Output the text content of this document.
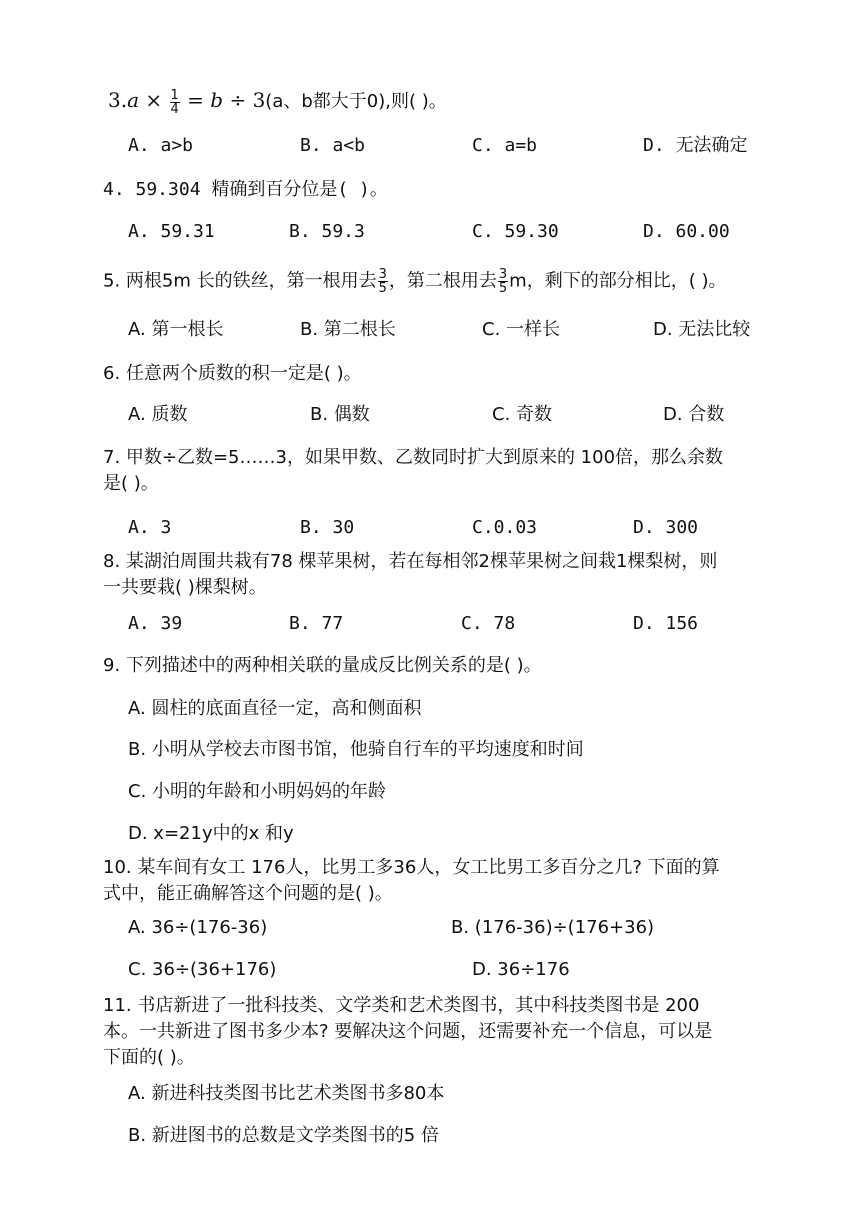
$3.a \times \frac{1}{4} = b \div 3(a$、b都大于0),则( )。
A. a>b	B. a<b	C. a=b	D. 无法确定
4. 59.304 精确到百分位是( )。
A. 59.31	B. 59.3	C. 59.30	D. 60.00
5. 两根5m 长的铁丝，第一根用去 $\frac{3}{5}$ ，第二根用去 $\frac{3}{5}$ m，剩下的部分相比，( )。
A. 第一根长	B. 第二根长	C. 一样长	D. 无法比较
6. 任意两个质数的积一定是( )。
A. 质数	B. 偶数	C. 奇数	D. 合数
7. 甲数÷乙数=5……3，如果甲数、乙数同时扩大到原来的 100倍，那么余数
是( )。
A. 3	B. 30	C.0.03	D. 300
8. 某湖泊周围共栽有78 棵苹果树，若在每相邻2棵苹果树之间栽1棵梨树，则
一共要栽( )棵梨树。
A. 39	B. 77	C. 78	D. 156
9. 下列描述中的两种相关联的量成反比例关系的是( )。
A. 圆柱的底面直径一定，高和侧面积
B. 小明从学校去市图书馆，他骑自行车的平均速度和时间
C. 小明的年龄和小明妈妈的年龄
D. x=21y中的x 和y
10. 某车间有女工 176人，比男工多36人，女工比男工多百分之几? 下面的算
式中，能正确解答这个问题的是( )。
A. 36÷(176-36)	B. (176-36)÷(176+36)
C. 36÷(36+176)	D. 36÷176
11. 书店新进了一批科技类、文学类和艺术类图书，其中科技类图书是 200
本。一共新进了图书多少本? 要解决这个问题，还需要补充一个信息，可以是
下面的( )。
A. 新进科技类图书比艺术类图书多80本
B. 新进图书的总数是文学类图书的5 倍
